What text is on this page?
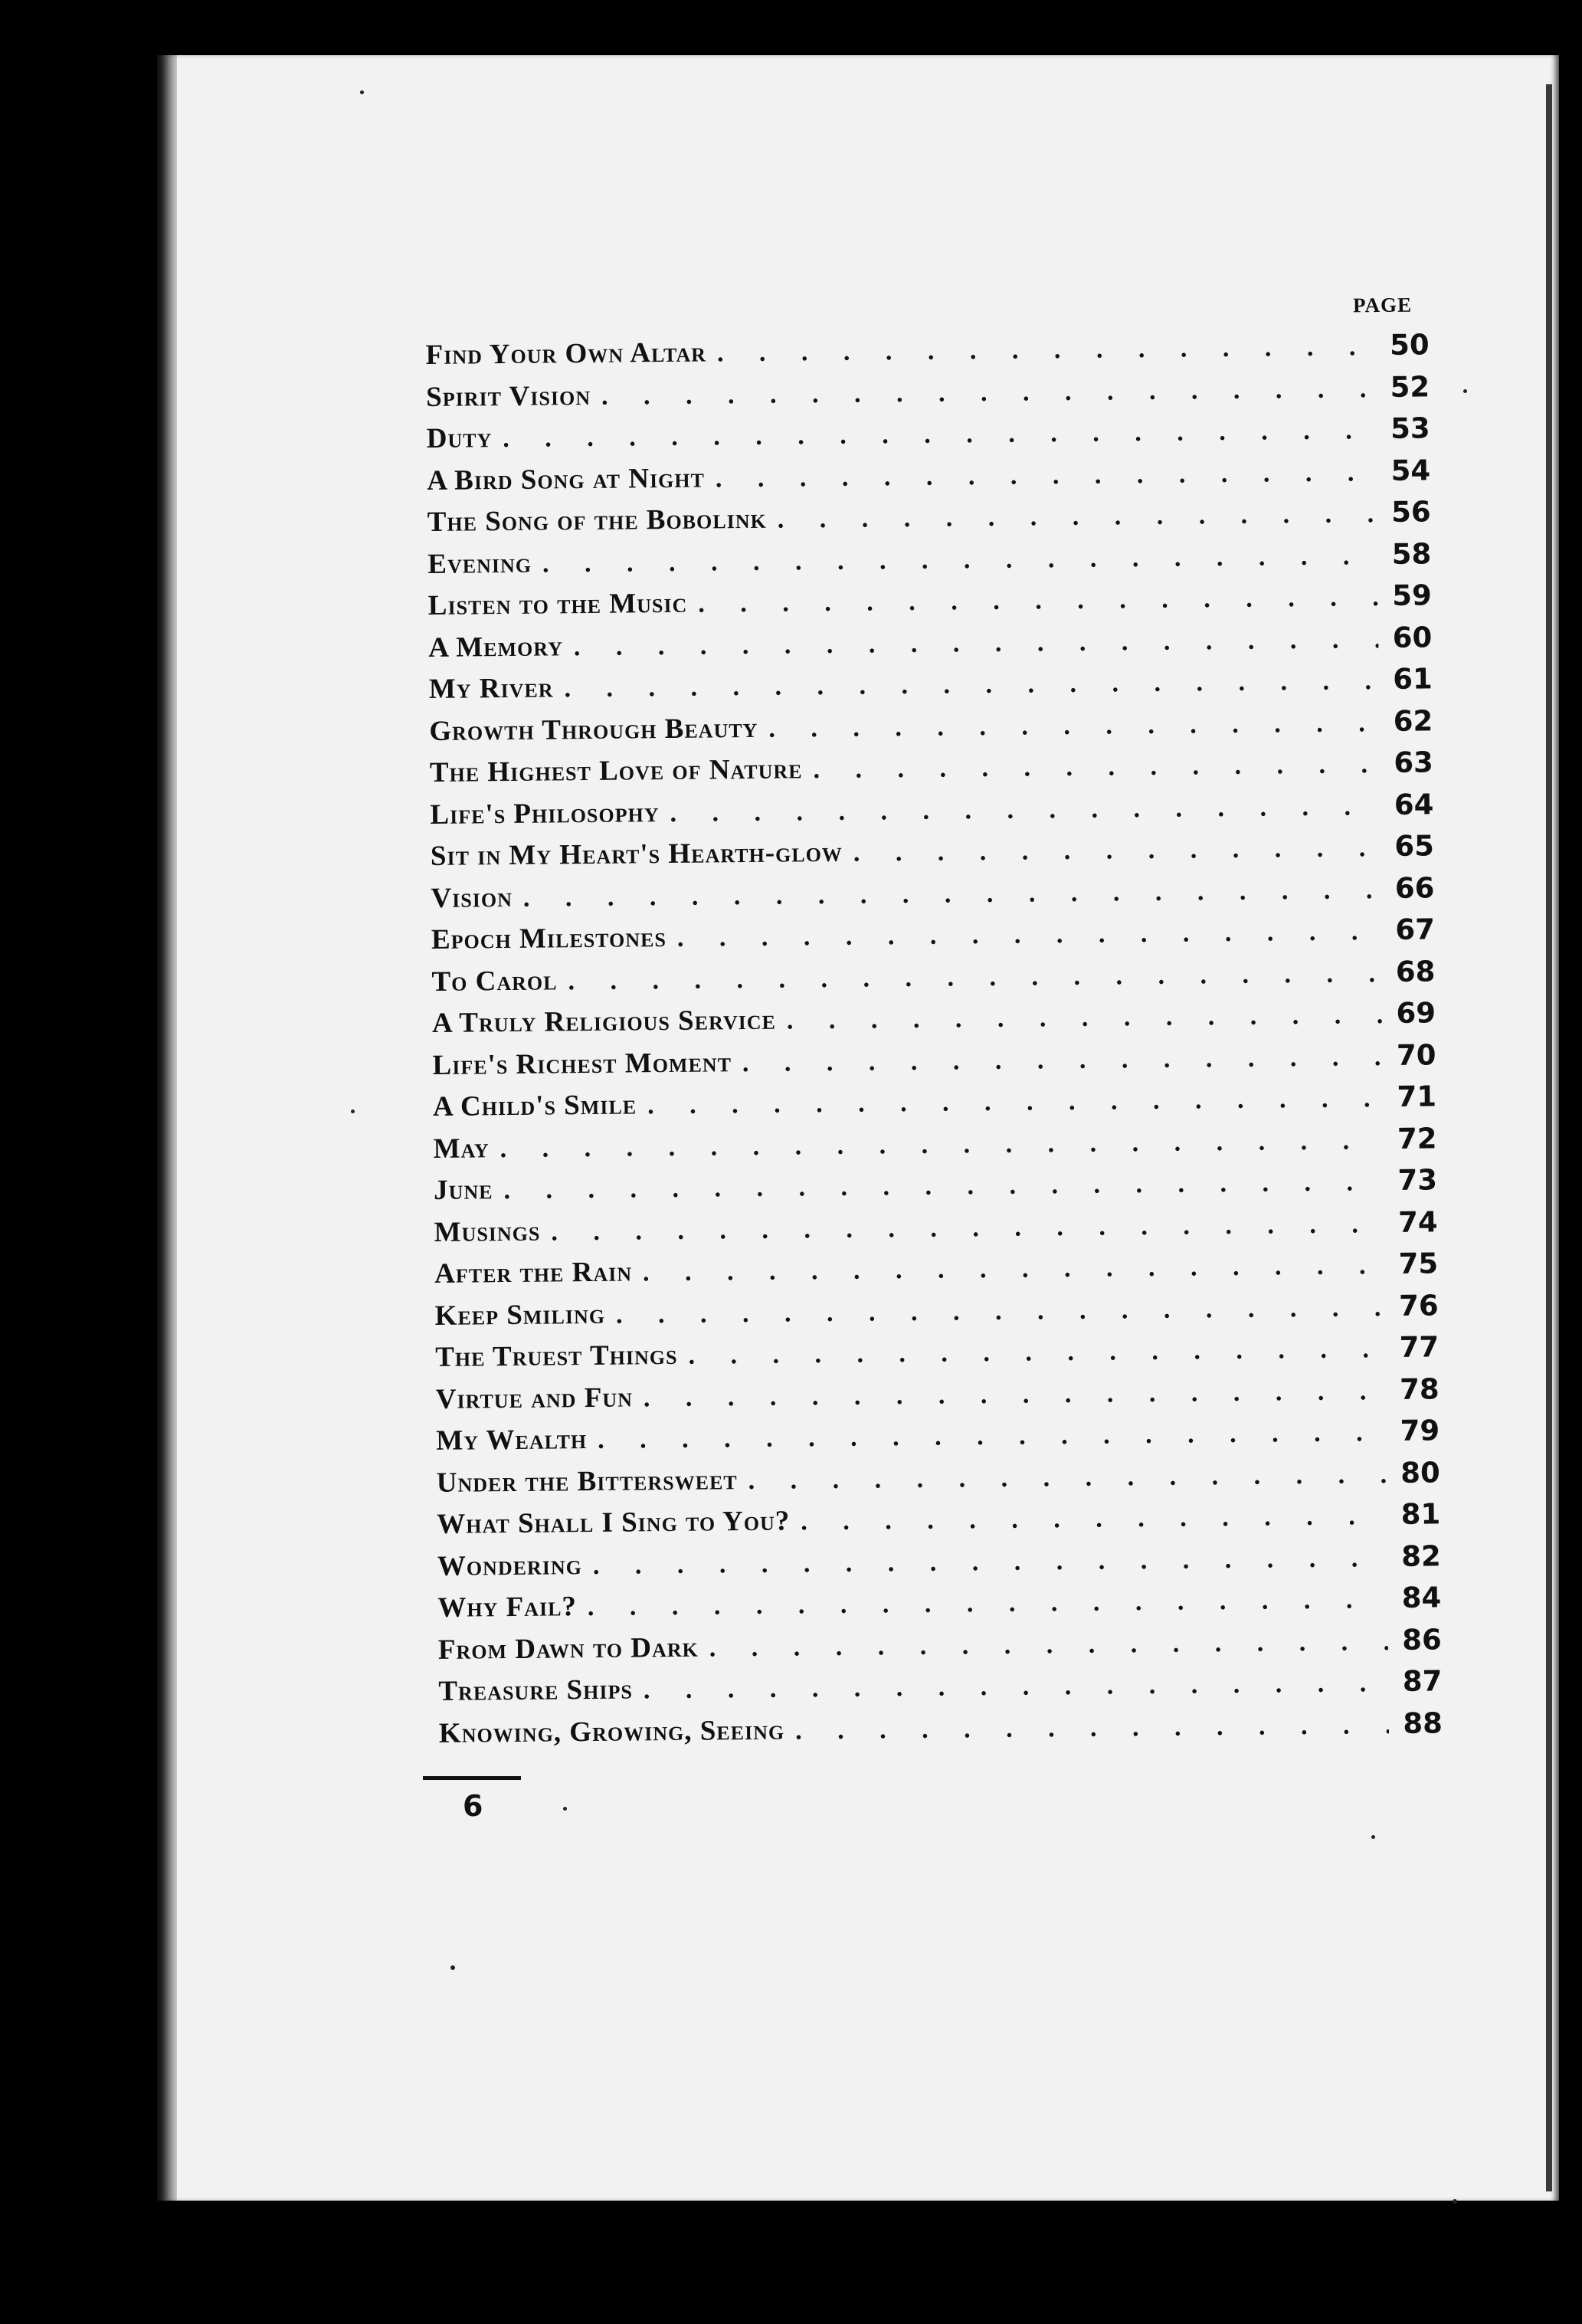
PAGE
Find Your Own Altar . . .	50
Spirit Vision . . .	52
Duty . . .	53
A Bird Song at Night . . .	54
The Song of the Bobolink . . .	56
Evening . . .	58
Listen to the Music . . .	59
A Memory . . .	60
My River . . .	61
Growth Through Beauty . . .	62
The Highest Love of Nature . . .	63
Life's Philosophy . . .	64
Sit in My Heart's Hearth-glow . . .	65
Vision . . .	66
Epoch Milestones . . .	67
To Carol . . .	68
A Truly Religious Service . . .	69
Life's Richest Moment . . .	70
A Child's Smile . . .	71
May . . .	72
June . . .	73
Musings . . .	74
After the Rain . . .	75
Keep Smiling . . .	76
The Truest Things . . .	77
Virtue and Fun . . .	78
My Wealth . . .	79
Under the Bittersweet . . .	80
What Shall I Sing to You? . . .	81
Wondering . . .	82
Why Fail? . . .	84
From Dawn to Dark . . .	86
Treasure Ships . . .	87
Knowing, Growing, Seeing . . .	88
6
